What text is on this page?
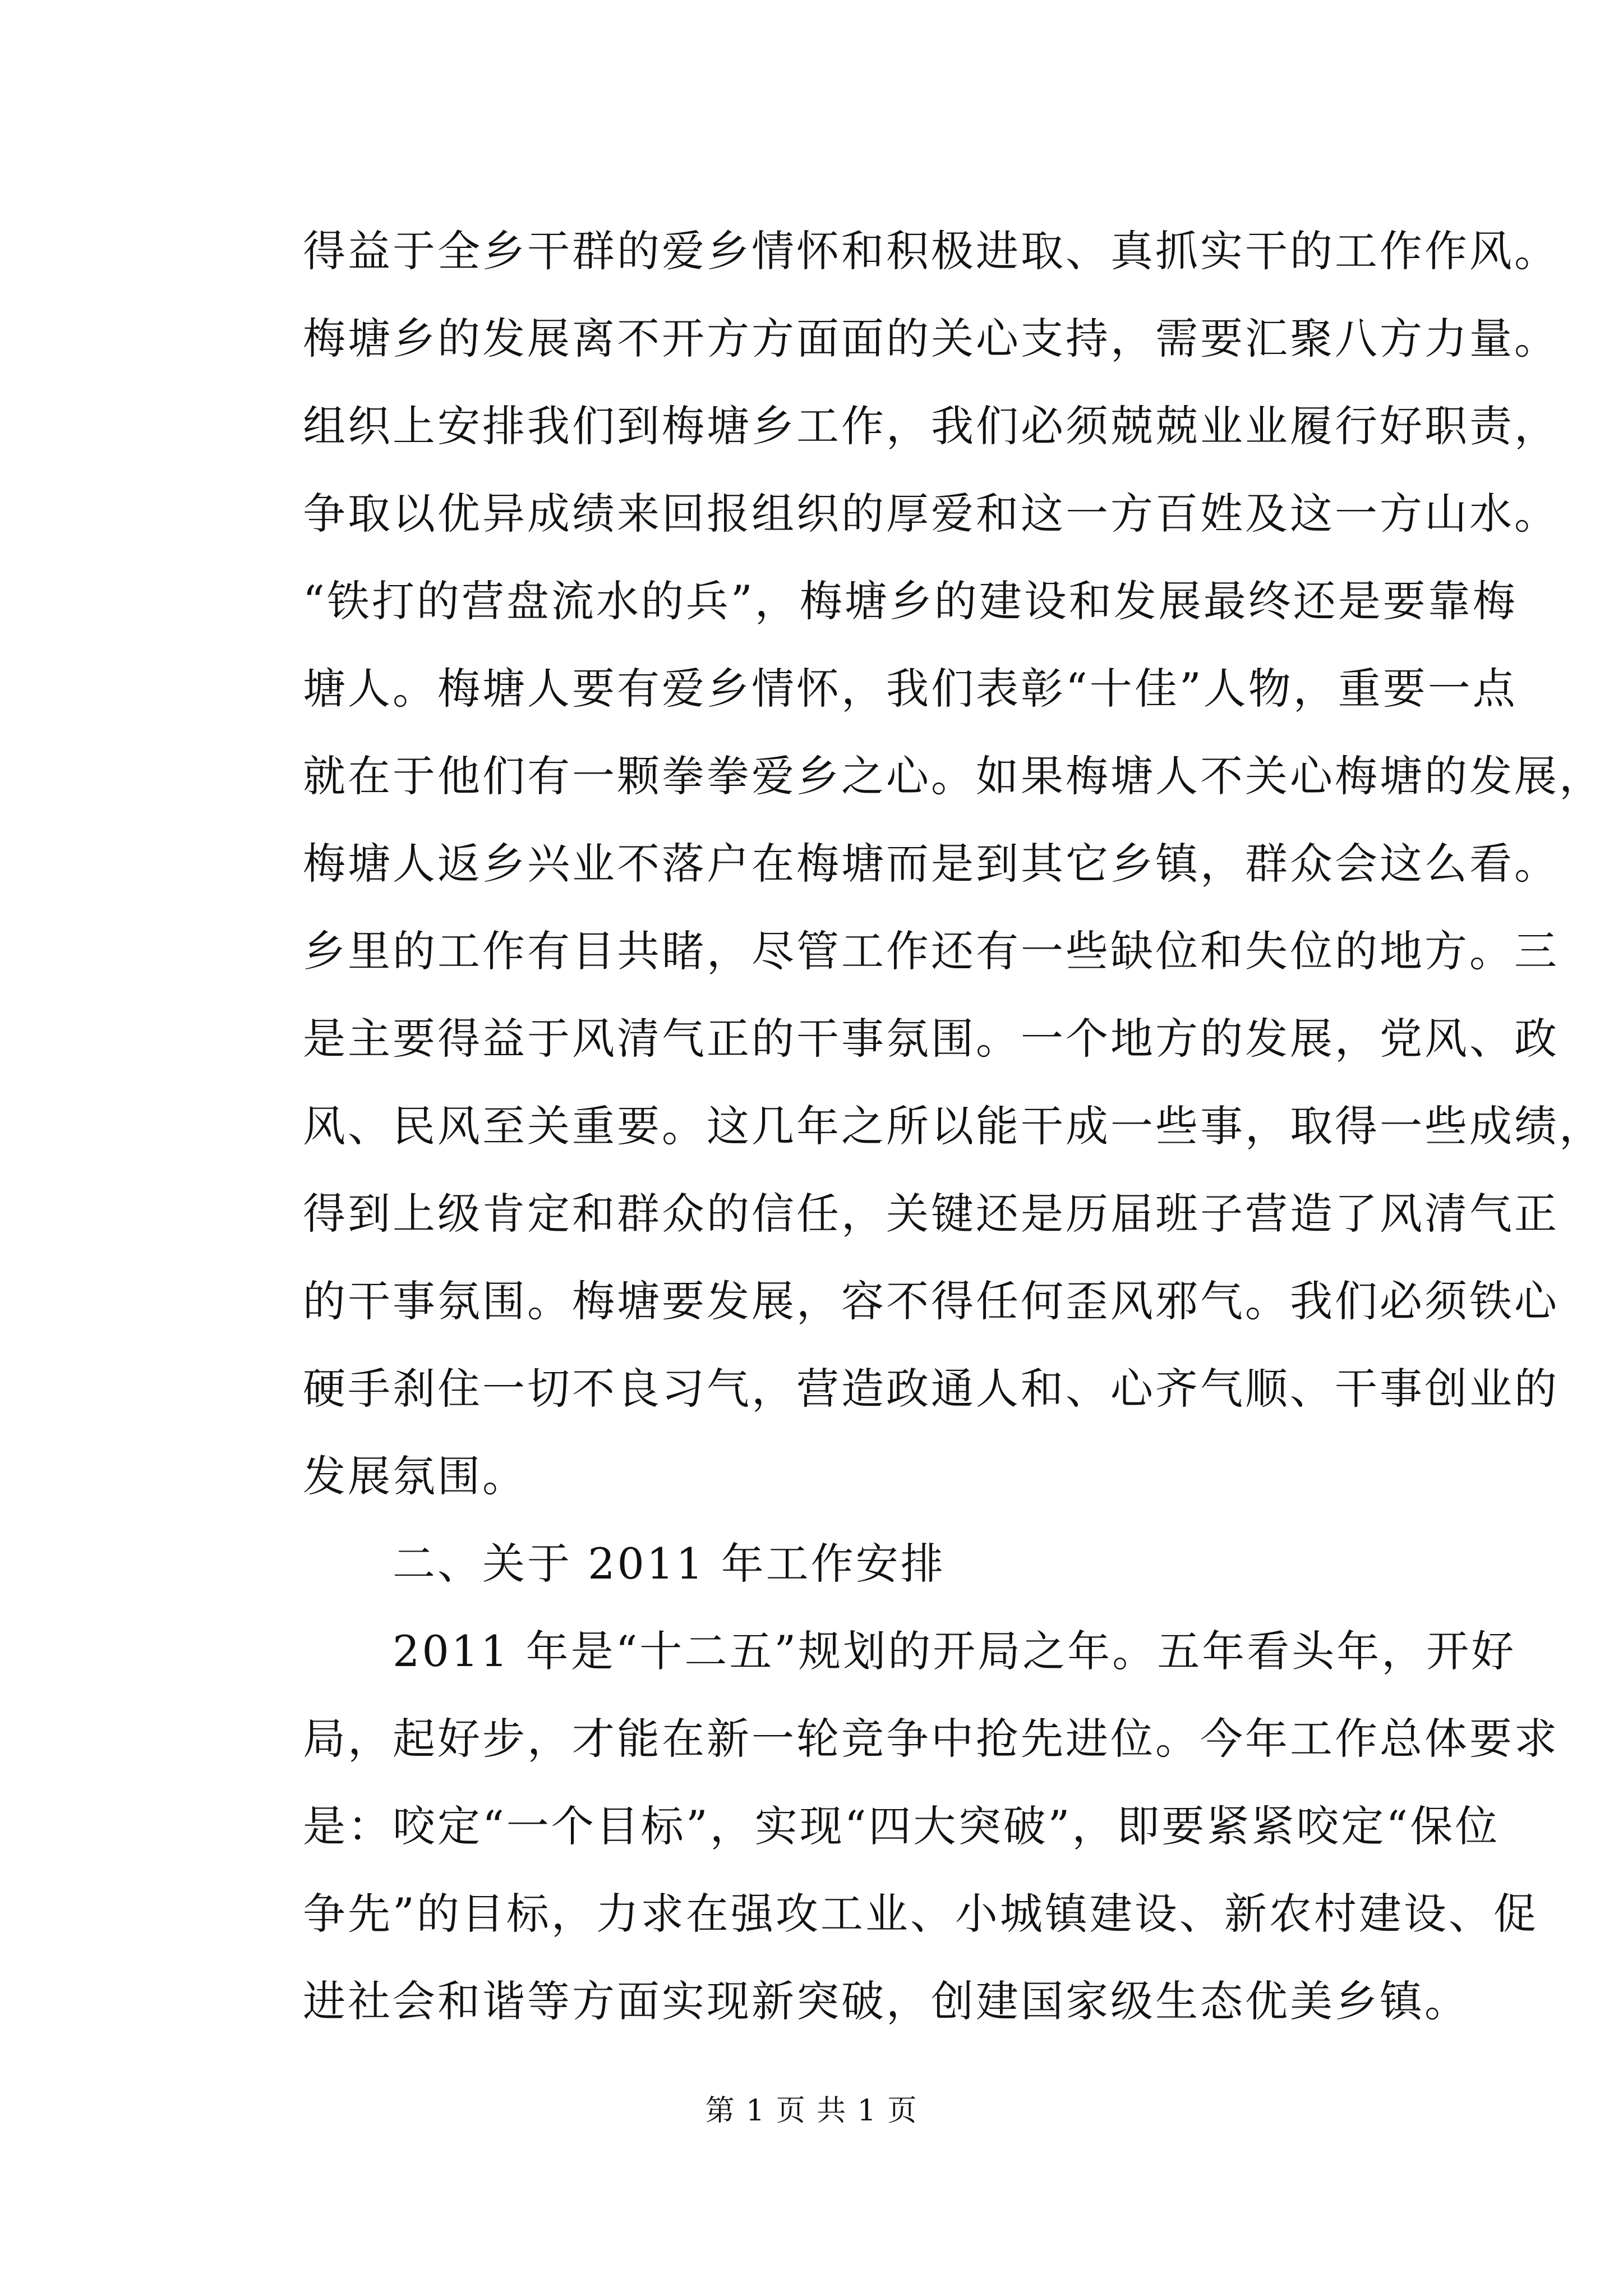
得益于全乡干群的爱乡情怀和积极进取、真抓实干的工作作风。
梅塘乡的发展离不开方方面面的关心支持，需要汇聚八方力量。
组织上安排我们到梅塘乡工作，我们必须兢兢业业履行好职责，
争取以优异成绩来回报组织的厚爱和这一方百姓及这一方山水。
“铁打的营盘流水的兵”，梅塘乡的建设和发展最终还是要靠梅
塘人。梅塘人要有爱乡情怀，我们表彰“十佳”人物，重要一点
就在于他们有一颗拳拳爱乡之心。如果梅塘人不关心梅塘的发展，
梅塘人返乡兴业不落户在梅塘而是到其它乡镇，群众会这么看。
乡里的工作有目共睹，尽管工作还有一些缺位和失位的地方。三
是主要得益于风清气正的干事氛围。一个地方的发展，党风、政
风、民风至关重要。这几年之所以能干成一些事，取得一些成绩，
得到上级肯定和群众的信任，关键还是历届班子营造了风清气正
的干事氛围。梅塘要发展，容不得任何歪风邪气。我们必须铁心
硬手刹住一切不良习气，营造政通人和、心齐气顺、干事创业的
发展氛围。
二、关于 2011 年工作安排
2011 年是“十二五”规划的开局之年。五年看头年，开好
局，起好步，才能在新一轮竞争中抢先进位。今年工作总体要求
是：咬定“一个目标”，实现“四大突破”，即要紧紧咬定“保位
争先”的目标，力求在强攻工业、小城镇建设、新农村建设、促
进社会和谐等方面实现新突破，创建国家级生态优美乡镇。
第 1 页 共 1 页
